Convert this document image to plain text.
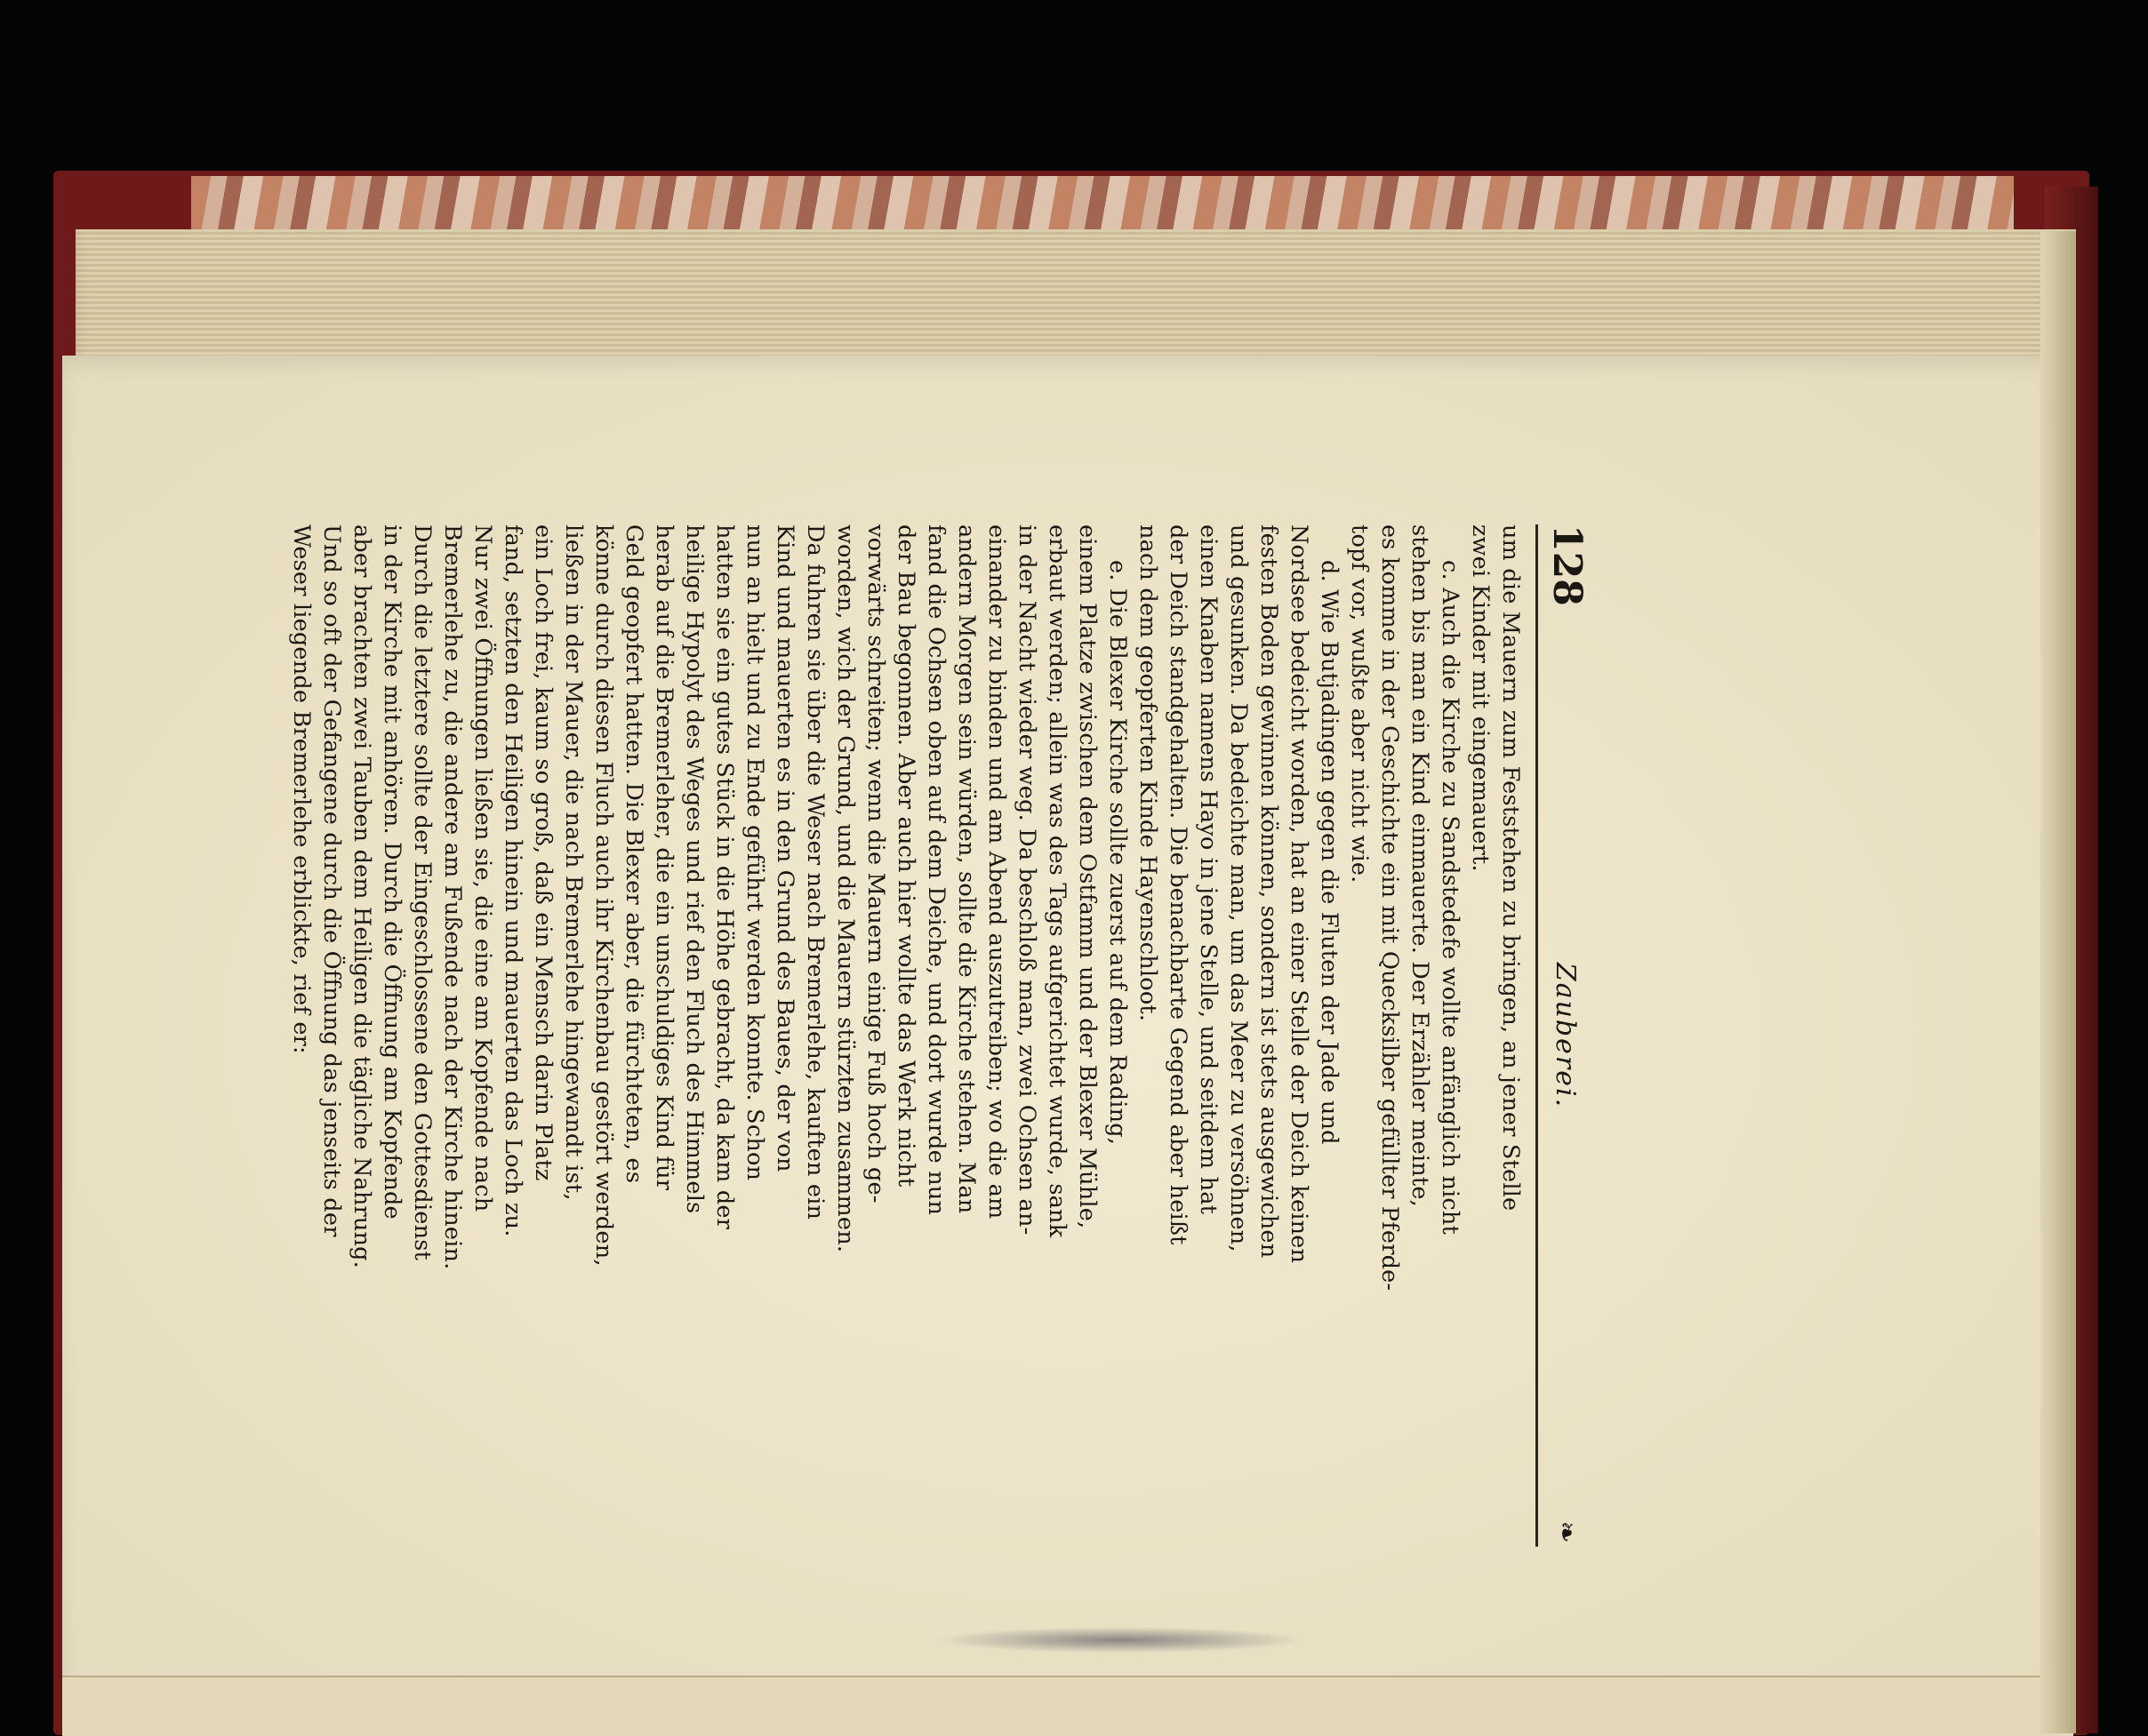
128
Zauberei.
❧
um die Mauern zum Feststehen zu bringen, an jener Stelle
zwei Kinder mit eingemauert.
c. Auch die Kirche zu Sandstedefe wollte anfänglich nicht
stehen bis man ein Kind einmauerte. Der Erzähler meinte,
es komme in der Geschichte ein mit Quecksilber gefüllter Pferde-
topf vor, wußte aber nicht wie.
d. Wie Butjadingen gegen die Fluten der Jade und
Nordsee bedeicht worden, hat an einer Stelle der Deich keinen
festen Boden gewinnen können, sondern ist stets ausgewichen
und gesunken. Da bedeichte man, um das Meer zu versöhnen,
einen Knaben namens Hayo in jene Stelle, und seitdem hat
der Deich standgehalten. Die benachbarte Gegend aber heißt
nach dem geopferten Kinde Hayenschloot.
e. Die Blexer Kirche sollte zuerst auf dem Rading,
einem Platze zwischen dem Ostfamm und der Blexer Mühle,
erbaut werden; allein was des Tags aufgerichtet wurde, sank
in der Nacht wieder weg. Da beschloß man, zwei Ochsen an-
einander zu binden und am Abend auszutreiben; wo die am
andern Morgen sein würden, sollte die Kirche stehen. Man
fand die Ochsen oben auf dem Deiche, und dort wurde nun
der Bau begonnen. Aber auch hier wollte das Werk nicht
vorwärts schreiten; wenn die Mauern einige Fuß hoch ge-
worden, wich der Grund, und die Mauern stürzten zusammen.
Da fuhren sie über die Weser nach Bremerlehe, kauften ein
Kind und mauerten es in den Grund des Baues, der von
nun an hielt und zu Ende geführt werden konnte. Schon
hatten sie ein gutes Stück in die Höhe gebracht, da kam der
heilige Hypolyt des Weges und rief den Fluch des Himmels
herab auf die Bremerleher, die ein unschuldiges Kind für
Geld geopfert hatten. Die Blexer aber, die fürchteten, es
könne durch diesen Fluch auch ihr Kirchenbau gestört werden,
ließen in der Mauer, die nach Bremerlehe hingewandt ist,
ein Loch frei, kaum so groß, daß ein Mensch darin Platz
fand, setzten den Heiligen hinein und mauerten das Loch zu.
Nur zwei Öffnungen ließen sie, die eine am Kopfende nach
Bremerlehe zu, die andere am Fußende nach der Kirche hinein.
Durch die letztere sollte der Eingeschlossene den Gottesdienst
in der Kirche mit anhören. Durch die Öffnung am Kopfende
aber brachten zwei Tauben dem Heiligen die tägliche Nahrung.
Und so oft der Gefangene durch die Öffnung das jenseits der
Weser liegende Bremerlehe erblickte, rief er:
